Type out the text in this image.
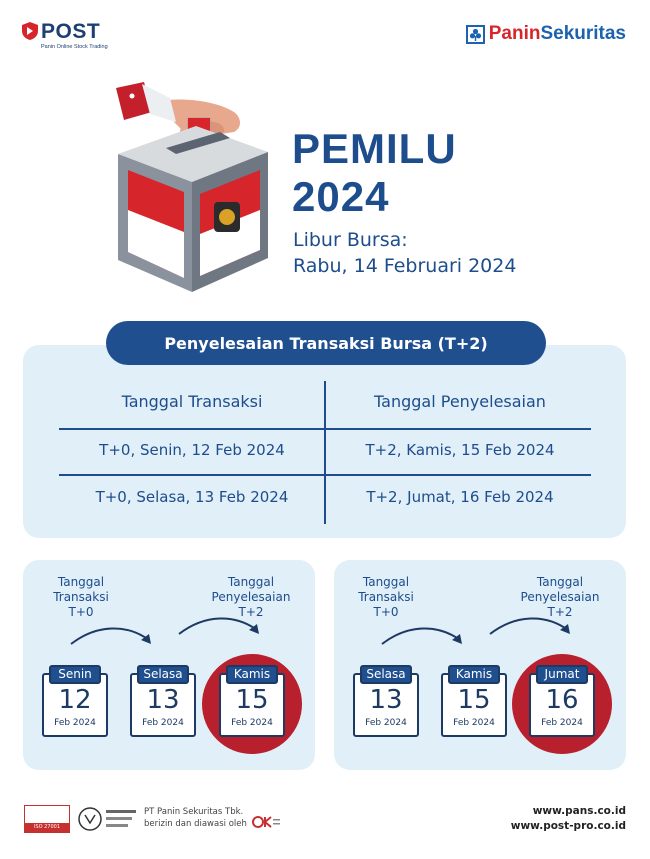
POST
Panin Online Stock Trading
PaninSekuritas
PEMILU
2024
Libur Bursa:
Rabu, 14 Februari 2024
Penyelesaian Transaksi Bursa (T+2)
Tanggal Transaksi	Tanggal Penyelesaian
T+0, Senin, 12 Feb 2024	T+2, Kamis, 15 Feb 2024
T+0, Selasa, 13 Feb 2024	T+2, Jumat, 16 Feb 2024
Tanggal
Transaksi
T+0
Tanggal
Penyelesaian
T+2
Senin
12
Feb 2024
Selasa
13
Feb 2024
Kamis
15
Feb 2024
Tanggal
Transaksi
T+0
Tanggal
Penyelesaian
T+2
Selasa
13
Feb 2024
Kamis
15
Feb 2024
Jumat
16
Feb 2024
ISO 27001 CERTIFIED
PT Panin Sekuritas Tbk.
berizin dan diawasi oleh
www.pans.co.id
www.post-pro.co.id
